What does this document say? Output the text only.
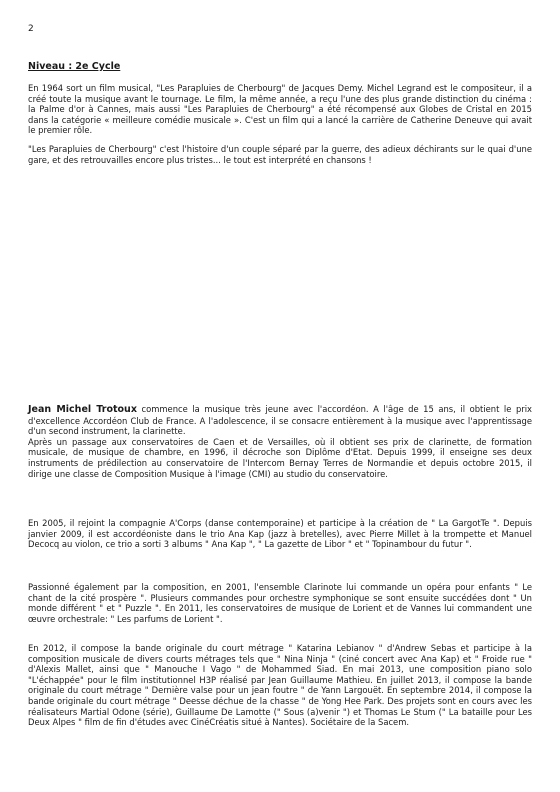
2
Niveau : 2e Cycle

En 1964 sort un film musical, "Les Parapluies de Cherbourg" de Jacques Demy. Michel Legrand est le compositeur, il a créé toute la musique avant le tournage. Le film, la même année, a reçu l'une des plus grande distinction du cinéma : la Palme d'or à Cannes, mais aussi "Les Parapluies de Cherbourg" a été récompensé aux Globes de Cristal en 2015 dans la catégorie « meilleure comédie musicale ». C'est un film qui a lancé la carrière de Catherine Deneuve qui avait le premier rôle.

"Les Parapluies de Cherbourg" c'est l'histoire d'un couple séparé par la guerre, des adieux déchirants sur le quai d'une gare, et des retrouvailles encore plus tristes... le tout est interprété en chansons !

Jean Michel Trotoux commence la musique très jeune avec l'accordéon. A l'âge de 15 ans, il obtient le prix d'excellence Accordéon Club de France. A l'adolescence, il se consacre entièrement à la musique avec l'apprentissage d'un second instrument, la clarinette.

Après un passage aux conservatoires de Caen et de Versailles, où il obtient ses prix de clarinette, de formation musicale, de musique de chambre, en 1996, il décroche son Diplôme d'Etat. Depuis 1999, il enseigne ses deux instruments de prédilection au conservatoire de l'Intercom Bernay Terres de Normandie et depuis octobre 2015, il dirige une classe de Composition Musique à l'image (CMI) au studio du conservatoire.

En 2005, il rejoint la compagnie A'Corps (danse contemporaine) et participe à la création de " La GargotTe ". Depuis janvier 2009, il est accordéoniste dans le trio Ana Kap (jazz à bretelles), avec Pierre Millet à la trompette et Manuel Decocq au violon, ce trio a sorti 3 albums " Ana Kap ", " La gazette de Libor " et " Topinambour du futur ".

Passionné également par la composition, en 2001, l'ensemble Clarinote lui commande un opéra pour enfants " Le chant de la cité prospère ". Plusieurs commandes pour orchestre symphonique se sont ensuite succédées dont " Un monde différent " et " Puzzle ". En 2011, les conservatoires de musique de Lorient et de Vannes lui commandent une œuvre orchestrale: " Les parfums de Lorient ".

En 2012, il compose la bande originale du court métrage " Katarina Lebianov " d'Andrew Sebas et participe à la composition musicale de divers courts métrages tels que " Nina Ninja " (ciné concert avec Ana Kap) et " Froide rue " d'Alexis Mallet, ainsi que " Manouche I Vago " de Mohammed Siad. En mai 2013, une composition piano solo "L'échappée" pour le film institutionnel H3P réalisé par Jean Guillaume Mathieu. En juillet 2013, il compose la bande originale du court métrage " Dernière valse pour un jean foutre " de Yann Largouët. En septembre 2014, il compose la bande originale du court métrage " Deesse déchue de la chasse " de Yong Hee Park. Des projets sont en cours avec les réalisateurs Martial Odone (série), Guillaume De Lamotte (" Sous (a)venir ") et Thomas Le Stum (" La bataille pour Les Deux Alpes " film de fin d'études avec CinéCréatis situé à Nantes). Sociétaire de la Sacem.
